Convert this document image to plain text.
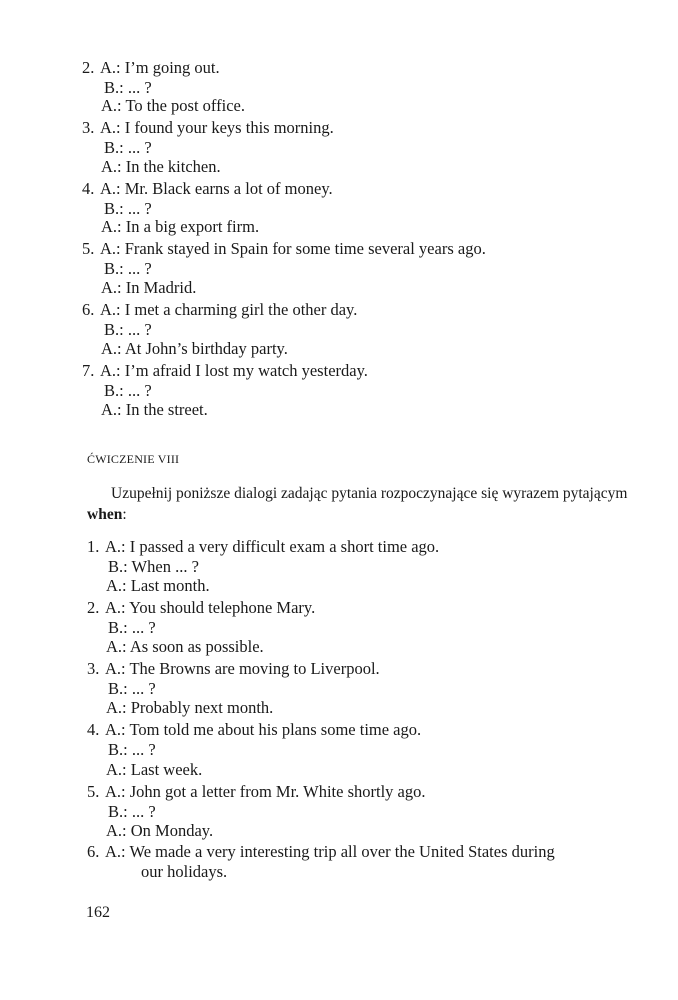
2. A.: I’m going out.
B.: ... ?
A.: To the post office.
3. A.: I found your keys this morning.
B.: ... ?
A.: In the kitchen.
4. A.: Mr. Black earns a lot of money.
B.: ... ?
A.: In a big export firm.
5. A.: Frank stayed in Spain for some time several years ago.
B.: ... ?
A.: In Madrid.
6. A.: I met a charming girl the other day.
B.: ... ?
A.: At John’s birthday party.
7. A.: I’m afraid I lost my watch yesterday.
B.: ... ?
A.: In the street.
ĆWICZENIE VIII
Uzupełnij poniższe dialogi zadając pytania rozpoczynające się wyrazem pytającym when:
1. A.: I passed a very difficult exam a short time ago.
B.: When ... ?
A.: Last month.
2. A.: You should telephone Mary.
B.: ... ?
A.: As soon as possible.
3. A.: The Browns are moving to Liverpool.
B.: ... ?
A.: Probably next month.
4. A.: Tom told me about his plans some time ago.
B.: ... ?
A.: Last week.
5. A.: John got a letter from Mr. White shortly ago.
B.: ... ?
A.: On Monday.
6. A.: We made a very interesting trip all over the United States during
our holidays.
162
